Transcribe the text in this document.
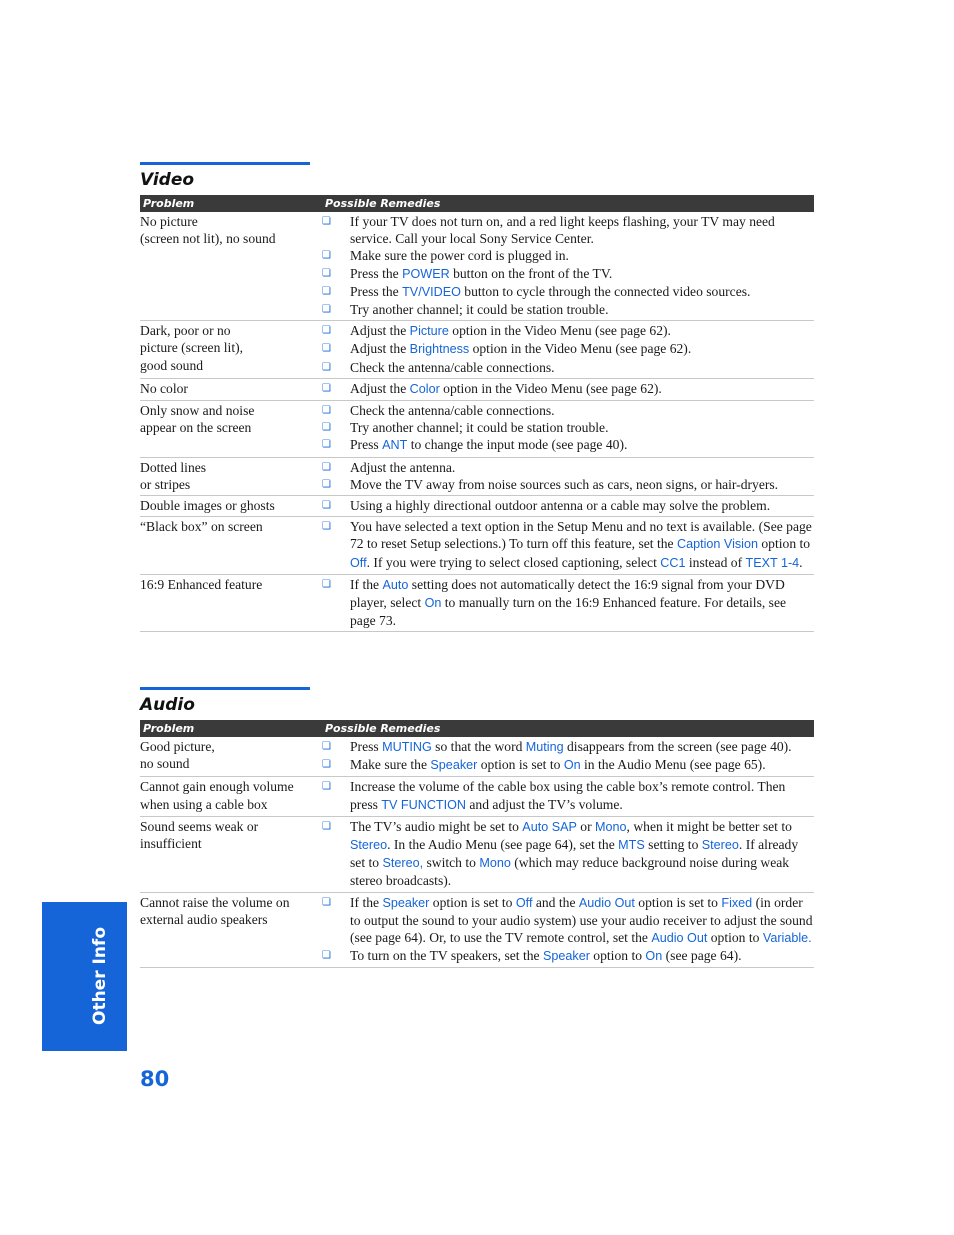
Video
Problem	Possible Remedies
No picture
(screen not lit), no sound
❏	If your TV does not turn on, and a red light keeps flashing, your TV may need service. Call your local Sony Service Center.
❏	Make sure the power cord is plugged in.
❏	Press the POWER button on the front of the TV.
❏	Press the TV/VIDEO button to cycle through the connected video sources.
❏	Try another channel; it could be station trouble.
Dark, poor or no
picture (screen lit),
good sound
❏	Adjust the Picture option in the Video Menu (see page 62).
❏	Adjust the Brightness option in the Video Menu (see page 62).
❏	Check the antenna/cable connections.
No color	❏	Adjust the Color option in the Video Menu (see page 62).
Only snow and noise
appear on the screen
❏	Check the antenna/cable connections.
❏	Try another channel; it could be station trouble.
❏	Press ANT to change the input mode (see page 40).
Dotted lines
or stripes
❏	Adjust the antenna.
❏	Move the TV away from noise sources such as cars, neon signs, or hair-dryers.
Double images or ghosts	❏	Using a highly directional outdoor antenna or a cable may solve the problem.
“Black box” on screen	❏	You have selected a text option in the Setup Menu and no text is available. (See page 72 to reset Setup selections.) To turn off this feature, set the Caption Vision option to Off. If you were trying to select closed captioning, select CC1 instead of TEXT 1-4.
16:9 Enhanced feature	❏	If the Auto setting does not automatically detect the 16:9 signal from your DVD player, select On to manually turn on the 16:9 Enhanced feature. For details, see page 73.
Audio
Problem	Possible Remedies
Good picture,
no sound
❏	Press MUTING so that the word Muting disappears from the screen (see page 40).
❏	Make sure the Speaker option is set to On in the Audio Menu (see page 65).
Cannot gain enough volume
when using a cable box
❏	Increase the volume of the cable box using the cable box’s remote control. Then press TV FUNCTION and adjust the TV’s volume.
Sound seems weak or
insufficient
❏	The TV’s audio might be set to Auto SAP or Mono, when it might be better set to Stereo. In the Audio Menu (see page 64), set the MTS setting to Stereo. If already set to Stereo, switch to Mono (which may reduce background noise during weak stereo broadcasts).
Cannot raise the volume on
external audio speakers
❏	If the Speaker option is set to Off and the Audio Out option is set to Fixed (in order to output the sound to your audio system) use your audio receiver to adjust the sound (see page 64). Or, to use the TV remote control, set the Audio Out option to Variable.
❏	To turn on the TV speakers, set the Speaker option to On (see page 64).
Other Info
80
